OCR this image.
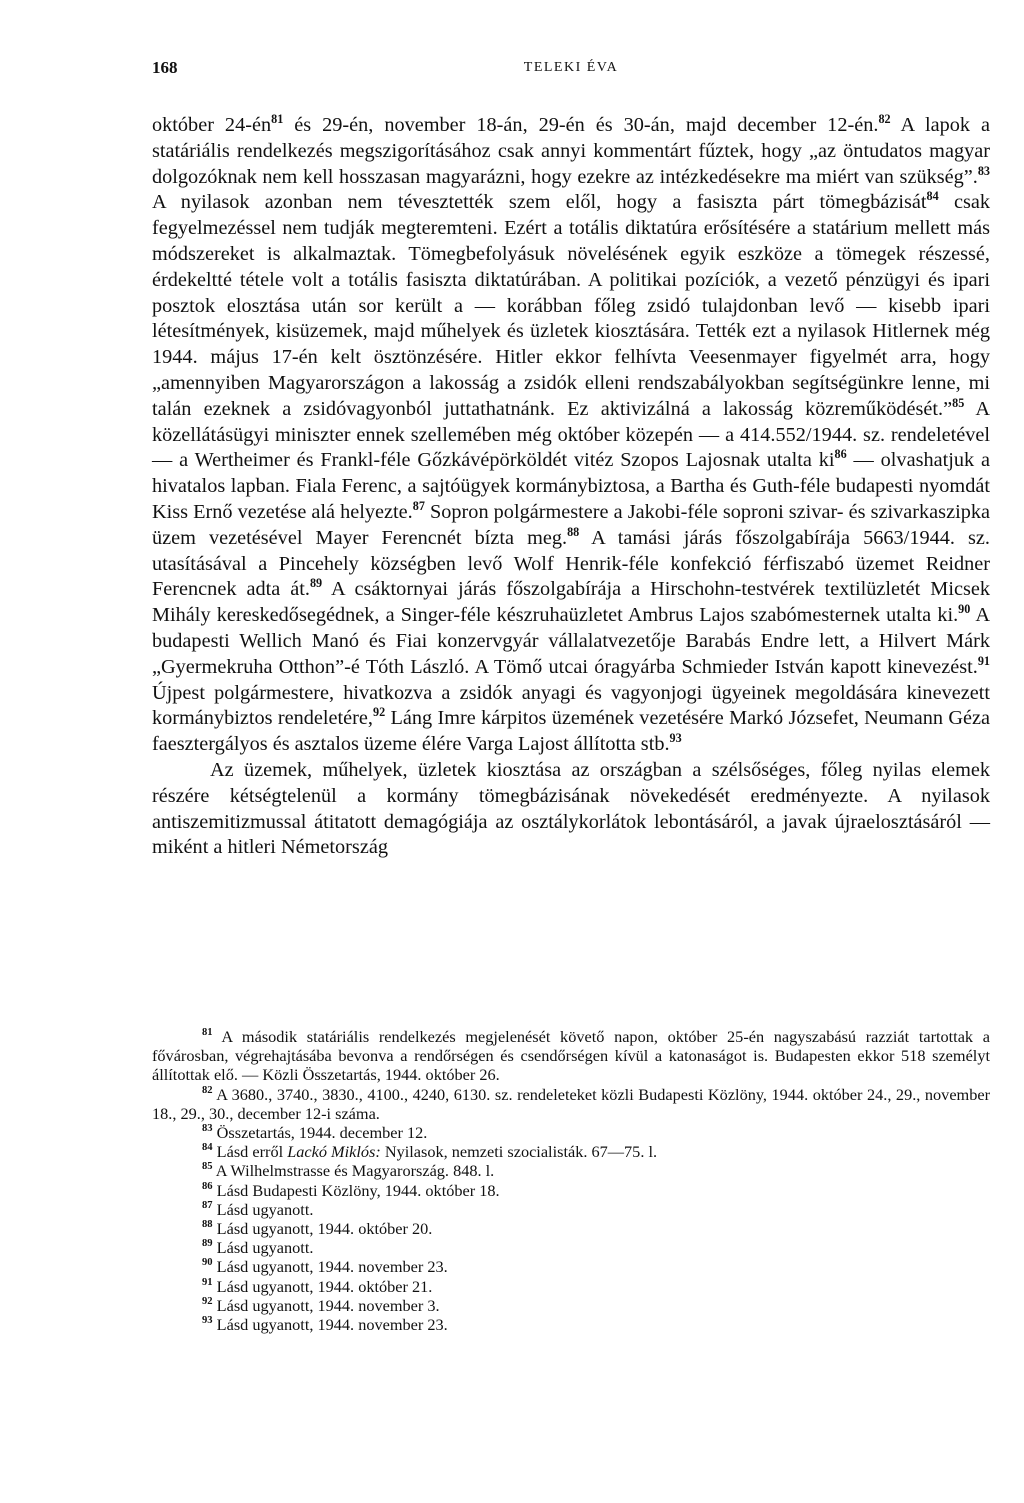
168	TELEKI ÉVA

október $24-én^{81}$ és 29-én, november 18-án, 29-én és 30-án, majd december 12-én.$^{82}$ A lapok a statáriális rendelkezés megszigorításához csak annyi kommentárt fűztek, hogy „az öntudatos magyar dolgozóknak nem kell hosszasan magyarázni, hogy ezekre az intézkedésekre ma miért van szükség”.$^{83}$ A nyilasok azonban nem tévesztették szem elől, hogy a fasiszta párt tömegbázisát$^{84}$ csak fegyelmezéssel nem tudják megteremteni. Ezért a totális diktatúra erősítésére a statárium mellett más módszereket is alkalmaztak. Tömegbefolyásuk növelésének egyik eszköze a tömegek részessé, érdekeltté tétele volt a totális fasiszta diktatúrában. A politikai pozíciók, a vezető pénzügyi és ipari posztok elosztása után sor került a — korábban főleg zsidó tulajdonban levő — kisebb ipari létesítmények, kisüzemek, majd műhelyek és üzletek kiosztására. Tették ezt a nyilasok Hitlernek még 1944. május 17-én kelt ösztönzésére. Hitler ekkor felhívta Veesenmayer figyelmét arra, hogy „amennyiben Magyarországon a lakosság a zsidók elleni rendszabályokban segítségünkre lenne, mi talán ezeknek a zsidóvagyonból juttathatnánk. Ez aktivizálná a lakosság közreműködését.”$^{85}$ A közellátásügyi miniszter ennek szellemében még október közepén — a 414.552/1944. sz. rendeletével — a Wertheimer és Frankl-féle Gőzkávépörköldét vitéz Szopos Lajosnak utalta $ki^{86}$ — olvashatjuk a hivatalos lapban. Fiala Ferenc, a sajtóügyek kormánybiztosa, a Bartha és Guth-féle budapesti nyomdát Kiss Ernő vezetése alá helyezte.$^{87}$ Sopron polgármestere a Jakobi-féle soproni szivar- és szivarkaszipka üzem vezetésével Mayer Ferencnét bízta meg.$^{88}$ A tamási járás főszolgabírája 5663/1944. sz. utasításával a Pincehely községben levő Wolf Henrik-féle konfekció férfiszabó üzemet Reidner Ferencnek adta át.$^{89}$ A csáktornyai járás főszolgabírája a Hirschohn-testvérek textilüzletét Micsek Mihály kereskedősegédnek, a Singer-féle készruhaüzletet Ambrus Lajos szabómesternek utalta ki.$^{90}$ A budapesti Wellich Manó és Fiai konzervgyár vállalatvezetője Barabás Endre lett, a Hilvert Márk „Gyermekruha Otthon”-é Tóth László. A Tömő utcai óragyárba Schmieder István kapott kinevezést.$^{91}$ Újpest polgármestere, hivatkozva a zsidók anyagi és vagyonjogi ügyeinek megoldására kinevezett kormánybiztos rendeletére,$^{92}$ Láng Imre kárpitos üzemének vezetésére Markó Józsefet, Neumann Géza faesztergályos és asztalos üzeme élére Varga Lajost állította stb.$^{93}$

Az üzemek, műhelyek, üzletek kiosztása az országban a szélsőséges, főleg nyilas elemek részére kétségtelenül a kormány tömegbázisának növekedését eredményezte. A nyilasok antiszemitizmussal átitatott demagógiája az osztálykorlátok lebontásáról, a javak újraelosztásáról — miként a hitleri Németország

$^{81}$ A második statáriális rendelkezés megjelenését követő napon, október 25-én nagyszabású razziát tartottak a fővárosban, végrehajtásába bevonva a rendőrségen és csendőrségen kívül a katonaságot is. Budapesten ekkor 518 személyt állítottak elő. — Közli Összetartás, 1944. október 26.

$^{82}$ A 3680., 3740., 3830., 4100., 4240, 6130. sz. rendeleteket közli Budapesti Közlöny, 1944. október 24., 29., november 18., 29., 30., december 12-i száma.

$^{83}$ Összetartás, 1944. december 12.

$^{84}$ Lásd erről Lackó Miklós: Nyilasok, nemzeti szocialisták. 67—75. l.

$^{85}$ A Wilhelmstrasse és Magyarország. 848. l.

$^{86}$ Lásd Budapesti Közlöny, 1944. október 18.

$^{87}$ Lásd ugyanott.

$^{88}$ Lásd ugyanott, 1944. október 20.

$^{89}$ Lásd ugyanott.

$^{90}$ Lásd ugyanott, 1944. november 23.

$^{91}$ Lásd ugyanott, 1944. október 21.

$^{92}$ Lásd ugyanott, 1944. november 3.

$^{93}$ Lásd ugyanott, 1944. november 23.
